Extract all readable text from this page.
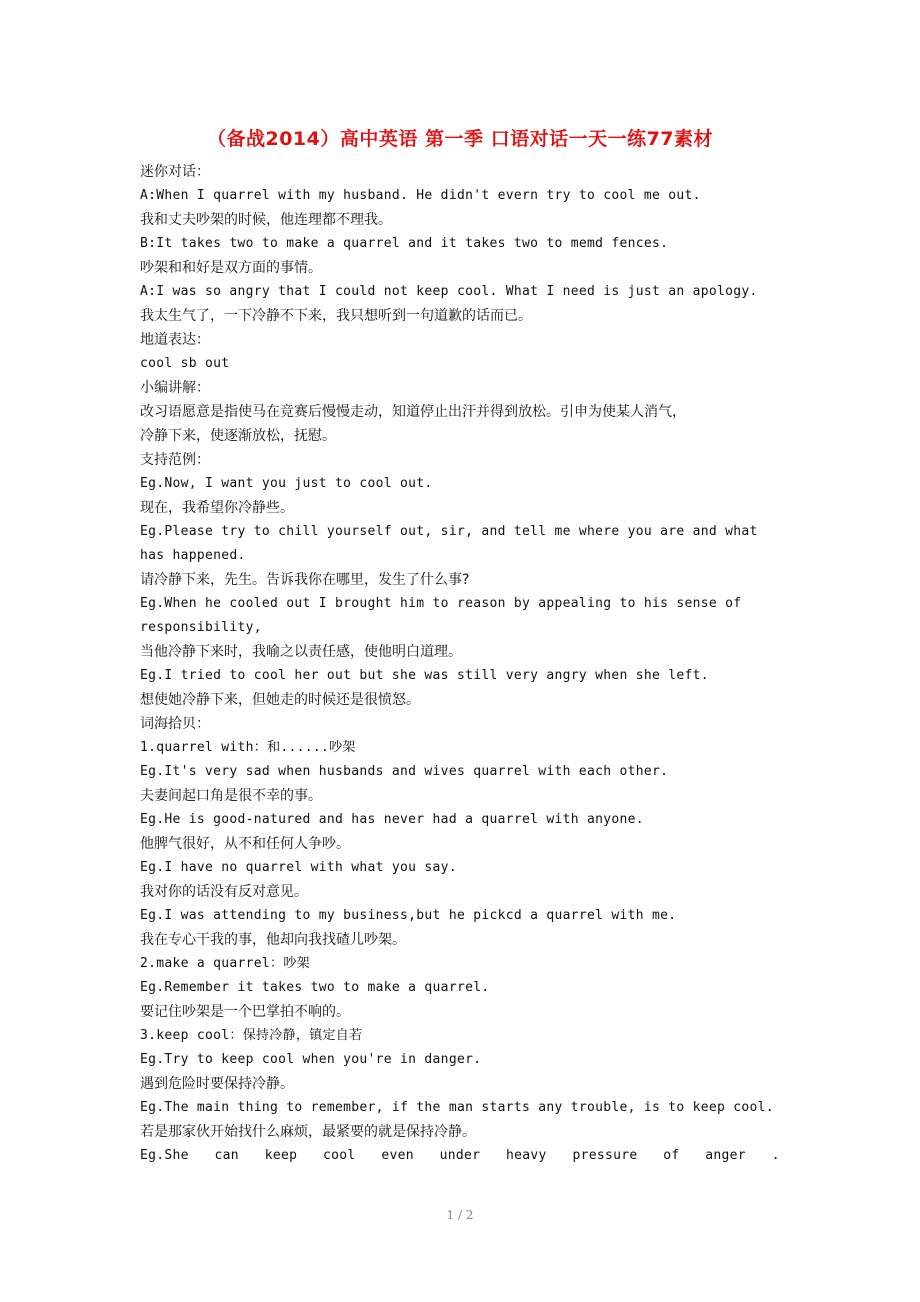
（备战2014）高中英语 第一季 口语对话一天一练77素材
迷你对话：
A:When I quarrel with my husband. He didn't evern try to cool me out.
我和丈夫吵架的时候，他连理都不理我。
B:It takes two to make a quarrel and it takes two to memd fences.
吵架和和好是双方面的事情。
A:I was so angry that I could not keep cool. What I need is just an apology.
我太生气了，一下冷静不下来，我只想听到一句道歉的话而已。
地道表达：
cool sb out
小编讲解：
改习语愿意是指使马在竞赛后慢慢走动，知道停止出汗并得到放松。引申为使某人消气，
冷静下来，使逐渐放松，抚慰。
支持范例：
Eg.Now, I want you just to cool out.
现在，我希望你冷静些。
Eg.Please try to chill yourself out, sir, and tell me where you are and what
has happened.
请冷静下来，先生。告诉我你在哪里，发生了什么事?
Eg.When he cooled out I brought him to reason by appealing to his sense of
responsibility,
当他冷静下来时，我喻之以责任感，使他明白道理。
Eg.I tried to cool her out but she was still very angry when she left.
想使她冷静下来，但她走的时候还是很愤怒。
词海拾贝：
1.quarrel with：和......吵架
Eg.It's very sad when husbands and wives quarrel with each other.
夫妻间起口角是很不幸的事。
Eg.He is good-natured and has never had a quarrel with anyone.
他脾气很好，从不和任何人争吵。
Eg.I have no quarrel with what you say.
我对你的话没有反对意见。
Eg.I was attending to my business,but he pickcd a quarrel with me.
我在专心干我的事，他却向我找碴儿吵架。
2.make a quarrel：吵架
Eg.Remember it takes two to make a quarrel.
要记住吵架是一个巴掌拍不响的。
3.keep cool：保持冷静，镇定自若
Eg.Try to keep cool when you're in danger.
遇到危险时要保持冷静。
Eg.The main thing to remember, if the man starts any trouble, is to keep cool.
若是那家伙开始找什么麻烦，最紧要的就是保持冷静。
Eg.She can keep cool even under heavy pressure of anger .
1 / 2
